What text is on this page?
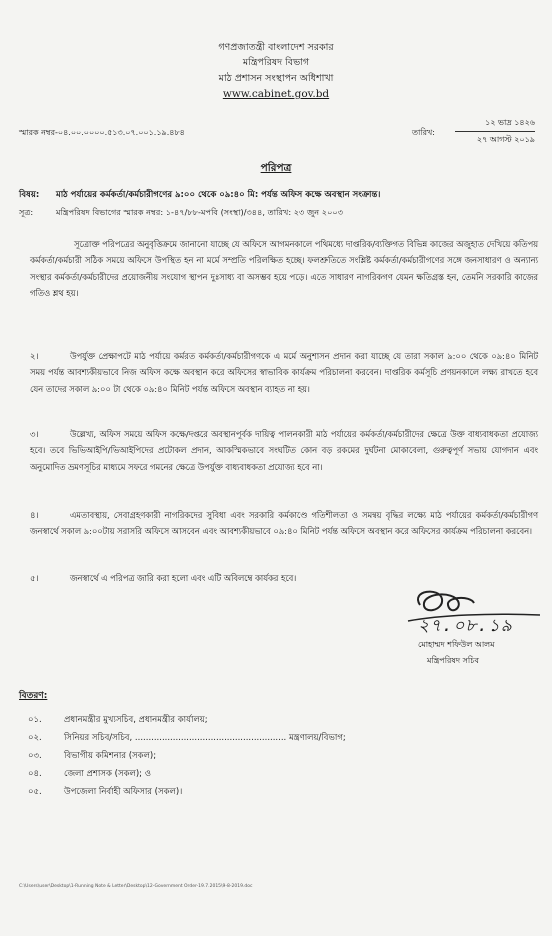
গণপ্রজাতন্ত্রী বাংলাদেশ সরকার
মন্ত্রিপরিষদ বিভাগ
মাঠ প্রশাসন সংস্থাপন অধিশাখা
www.cabinet.gov.bd
স্মারক নম্বর-০৪.০০.০০০০.৫১৩.০৭.০০১.১৯.৪৮৪	তারিখ:
১২ ভাদ্র ১৪২৬
২৭ আগস্ট ২০১৯
পরিপত্র
বিষয়: মাঠ পর্যায়ের কর্মকর্তা/কর্মচারীগণের ৯:০০ থেকে ০৯:৪০ মি: পর্যন্ত অফিস কক্ষে অবস্থান সংক্রান্ত।
সূত্র:	মন্ত্রিপরিষদ বিভাগের স্মারক নম্বর: ১-৪৭/৮৮-মপবি (সংস্থা)/৩৪৪, তারিখ: ২৩ জুন ২০০৩
সূত্রোক্ত পরিপত্রের অনুবৃত্তিক্রমে জানানো যাচ্ছে যে অফিসে আগমনকালে পথিমধ্যে দাপ্তরিক/ব্যক্তিগত বিভিন্ন কাজের অজুহাত দেখিয়ে কতিপয় কর্মকর্তা/কর্মচারী সঠিক সময়ে অফিসে উপস্থিত হন না মর্মে সম্প্রতি পরিলক্ষিত হচ্ছে। ফলশ্রুতিতে সংশ্লিষ্ট কর্মকর্তা/কর্মচারীগণের সঙ্গে জনসাধারণ ও অন্যান্য সংস্থার কর্মকর্তা/কর্মচারীদের প্রয়োজনীয় সংযোগ স্থাপন দুঃসাধ্য বা অসম্ভব হয়ে পড়ে। এতে সাধারণ নাগরিকগণ যেমন ক্ষতিগ্রস্ত হন, তেমনি সরকারি কাজের গতিও শ্লথ হয়।
২।	উপর্যুক্ত প্রেক্ষাপটে মাঠ পর্যায়ে কর্মরত কর্মকর্তা/কর্মচারীগণকে এ মর্মে অনুশাসন প্রদান করা যাচ্ছে যে তারা সকাল ৯:০০ থেকে ০৯:৪০ মিনিট সময় পর্যন্ত আবশ্যকীয়ভাবে নিজ অফিস কক্ষে অবস্থান করে অফিসের স্বাভাবিক কার্যক্রম পরিচালনা করবেন। দাপ্তরিক কর্মসূচি প্রণয়নকালে লক্ষ্য রাখতে হবে যেন তাদের সকাল ৯:০০ টা থেকে ০৯:৪০ মিনিট পর্যন্ত অফিসে অবস্থান ব্যাহত না হয়।
৩।	উল্লেখ্য, অফিস সময়ে অফিস কক্ষে/দপ্তরে অবস্থানপূর্বক দায়িত্ব পালনকারী মাঠ পর্যায়ের কর্মকর্তা/কর্মচারীদের ক্ষেত্রে উক্ত বাধ্যবাধকতা প্রযোজ্য হবে। তবে ভিভিআইপি/ভিআইপিদের প্রটোকল প্রদান, আকস্মিকভাবে সংঘটিত কোন বড় রকমের দুর্ঘটনা মোকাবেলা, গুরুত্বপূর্ণ সভায় যোগদান এবং অনুমোদিত ভ্রমণসূচির মাধ্যমে সফরে গমনের ক্ষেত্রে উপর্যুক্ত বাধ্যবাধকতা প্রযোজ্য হবে না।
৪।	এমতাবস্থায়, সেবাগ্রহণকারী নাগরিকদের সুবিধা এবং সরকারি কর্মকাণ্ডে গতিশীলতা ও সমন্বয় বৃদ্ধির লক্ষ্যে মাঠ পর্যায়ের কর্মকর্তা/কর্মচারীগণ জনস্বার্থে সকাল ৯:০০টায় সরাসরি অফিসে আসবেন এবং আবশ্যকীয়ভাবে ০৯:৪০ মিনিট পর্যন্ত অফিসে অবস্থান করে অফিসের কার্যক্রম পরিচালনা করবেন।
৫।	জনস্বার্থে এ পরিপত্র জারি করা হলো এবং এটি অবিলম্বে কার্যকর হবে।
২৭.০৮.১৯
মোহাম্মদ শফিউল আলম
মন্ত্রিপরিষদ সচিব
বিতরণ:
০১.	প্রধানমন্ত্রীর মুখ্যসচিব, প্রধানমন্ত্রীর কার্যালয়;
০২.	সিনিয়র সচিব/সচিব, ........................................................ মন্ত্রণালয়/বিভাগ;
০৩.	বিভাগীয় কমিশনার (সকল);
০৪.	জেলা প্রশাসক (সকল); ও
০৫.	উপজেলা নির্বাহী অফিসার (সকল)।
C:\Users\user\Desktop\1-Running Note & Letter\Desktop\12-Government Order-19.7.2015\9-8-2019.doc
